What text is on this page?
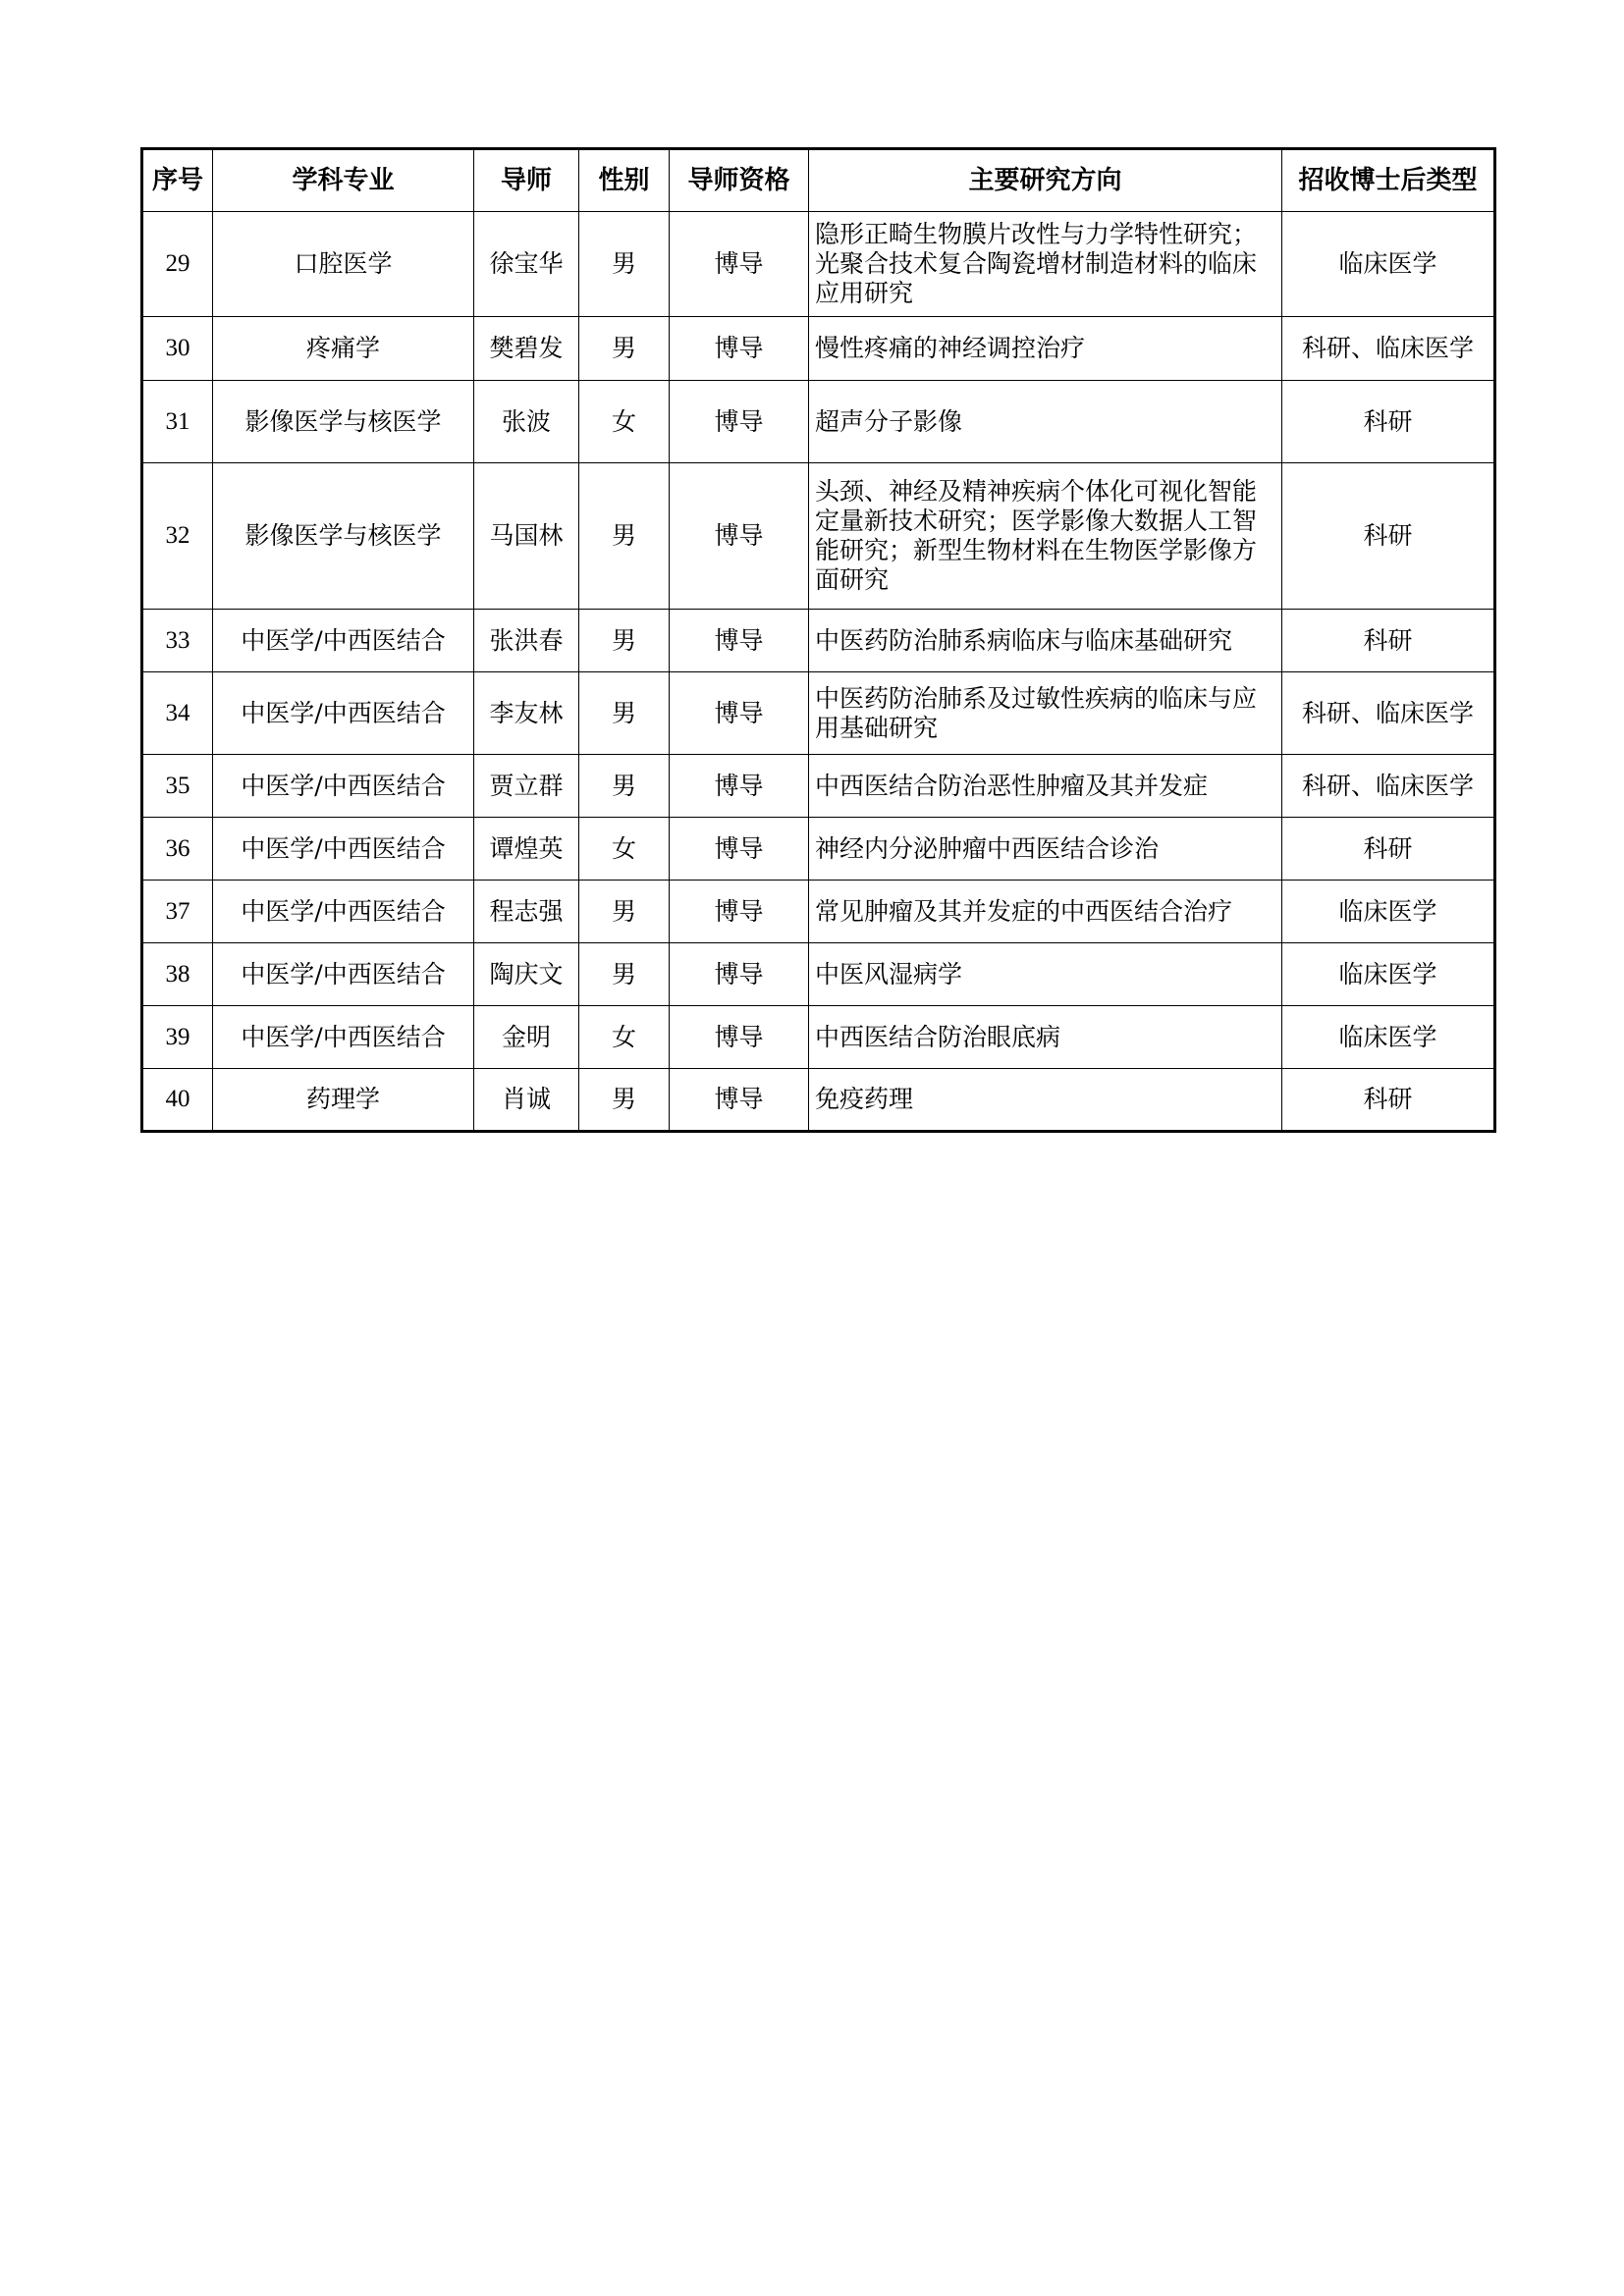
序号	学科专业	导师	性别	导师资格	主要研究方向	招收博士后类型
29	口腔医学	徐宝华	男	博导	隐形正畸生物膜片改性与力学特性研究；光聚合技术复合陶瓷增材制造材料的临床应用研究	临床医学
30	疼痛学	樊碧发	男	博导	慢性疼痛的神经调控治疗	科研、临床医学
31	影像医学与核医学	张波	女	博导	超声分子影像	科研
32	影像医学与核医学	马国林	男	博导	头颈、神经及精神疾病个体化可视化智能定量新技术研究；医学影像大数据人工智能研究；新型生物材料在生物医学影像方面研究	科研
33	中医学/中西医结合	张洪春	男	博导	中医药防治肺系病临床与临床基础研究	科研
34	中医学/中西医结合	李友林	男	博导	中医药防治肺系及过敏性疾病的临床与应用基础研究	科研、临床医学
35	中医学/中西医结合	贾立群	男	博导	中西医结合防治恶性肿瘤及其并发症	科研、临床医学
36	中医学/中西医结合	谭煌英	女	博导	神经内分泌肿瘤中西医结合诊治	科研
37	中医学/中西医结合	程志强	男	博导	常见肿瘤及其并发症的中西医结合治疗	临床医学
38	中医学/中西医结合	陶庆文	男	博导	中医风湿病学	临床医学
39	中医学/中西医结合	金明	女	博导	中西医结合防治眼底病	临床医学
40	药理学	肖诚	男	博导	免疫药理	科研
